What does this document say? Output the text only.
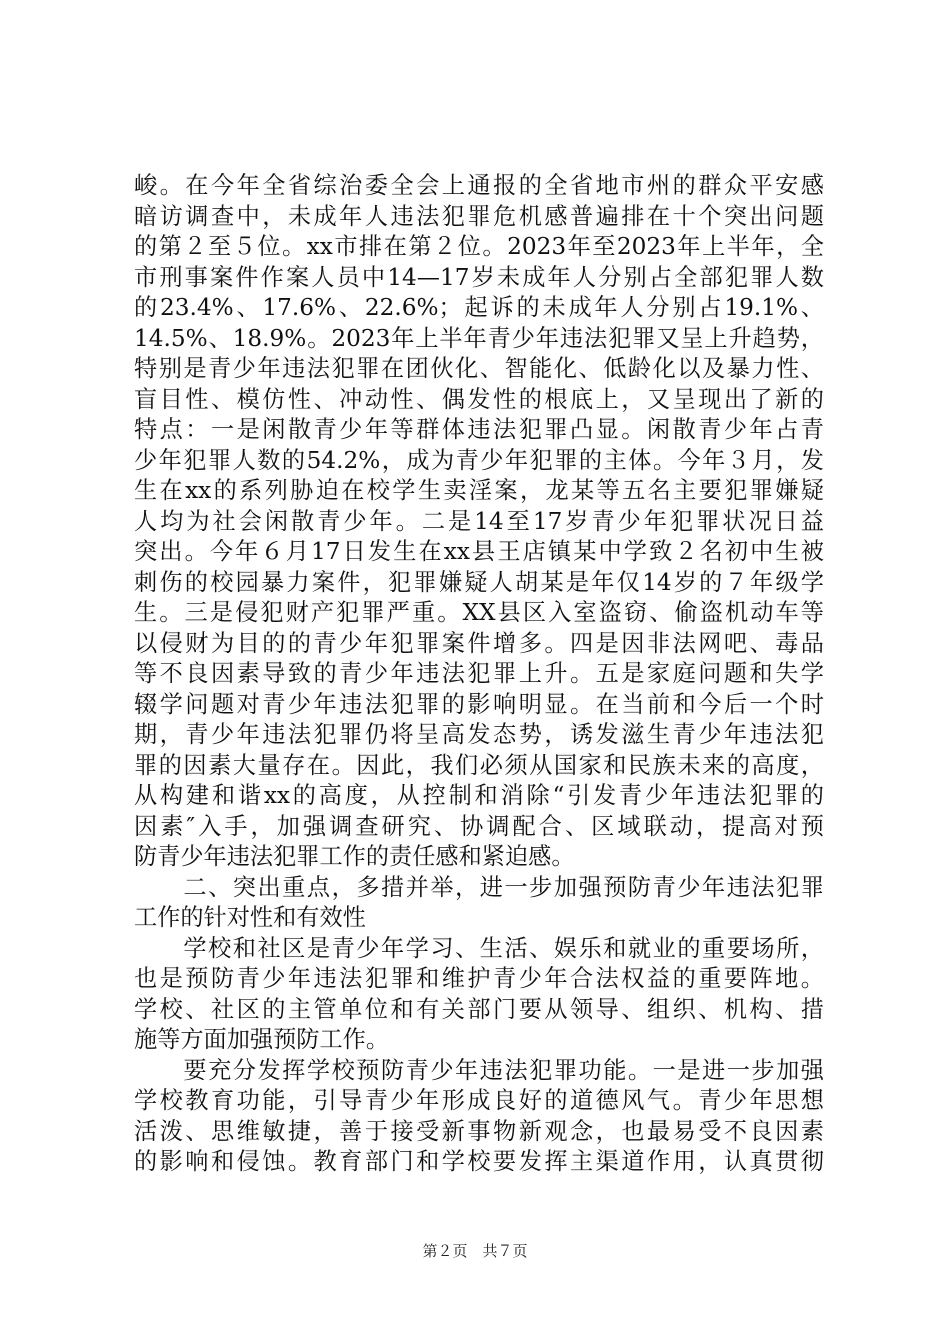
峻。在今年全省综治委全会上通报的全省地市州的群众平安感
暗访调查中，未成年人违法犯罪危机感普遍排在十个突出问题
的第２至５位。xx市排在第２位。2023年至2023年上半年，全
市刑事案件作案人员中14—17岁未成年人分别占全部犯罪人数
的23.4%、17.6%、22.6%；起诉的未成年人分别占19.1%、
14.5%、18.9%。2023年上半年青少年违法犯罪又呈上升趋势，
特别是青少年违法犯罪在团伙化、智能化、低龄化以及暴力性、
盲目性、模仿性、冲动性、偶发性的根底上，又呈现出了新的
特点：一是闲散青少年等群体违法犯罪凸显。闲散青少年占青
少年犯罪人数的54.2%，成为青少年犯罪的主体。今年３月，发
生在xx的系列胁迫在校学生卖淫案，龙某等五名主要犯罪嫌疑
人均为社会闲散青少年。二是14至17岁青少年犯罪状况日益
突出。今年６月17日发生在xx县王店镇某中学致２名初中生被
刺伤的校园暴力案件，犯罪嫌疑人胡某是年仅14岁的７年级学
生。三是侵犯财产犯罪严重。XX县区入室盗窃、偷盗机动车等
以侵财为目的的青少年犯罪案件增多。四是因非法网吧、毒品
等不良因素导致的青少年违法犯罪上升。五是家庭问题和失学
辍学问题对青少年违法犯罪的影响明显。在当前和今后一个时
期，青少年违法犯罪仍将呈高发态势，诱发滋生青少年违法犯
罪的因素大量存在。因此，我们必须从国家和民族未来的高度，
从构建和谐xx的高度，从控制和消除“引发青少年违法犯罪的
因素″入手，加强调查研究、协调配合、区域联动，提高对预
防青少年违法犯罪工作的责任感和紧迫感。
　　二、突出重点，多措并举，进一步加强预防青少年违法犯罪
工作的针对性和有效性
　　学校和社区是青少年学习、生活、娱乐和就业的重要场所，
也是预防青少年违法犯罪和维护青少年合法权益的重要阵地。
学校、社区的主管单位和有关部门要从领导、组织、机构、措
施等方面加强预防工作。
　　要充分发挥学校预防青少年违法犯罪功能。一是进一步加强
学校教育功能，引导青少年形成良好的道德风气。青少年思想
活泼、思维敏捷，善于接受新事物新观念，也最易受不良因素
的影响和侵蚀。教育部门和学校要发挥主渠道作用，认真贯彻
第２页　共７页
